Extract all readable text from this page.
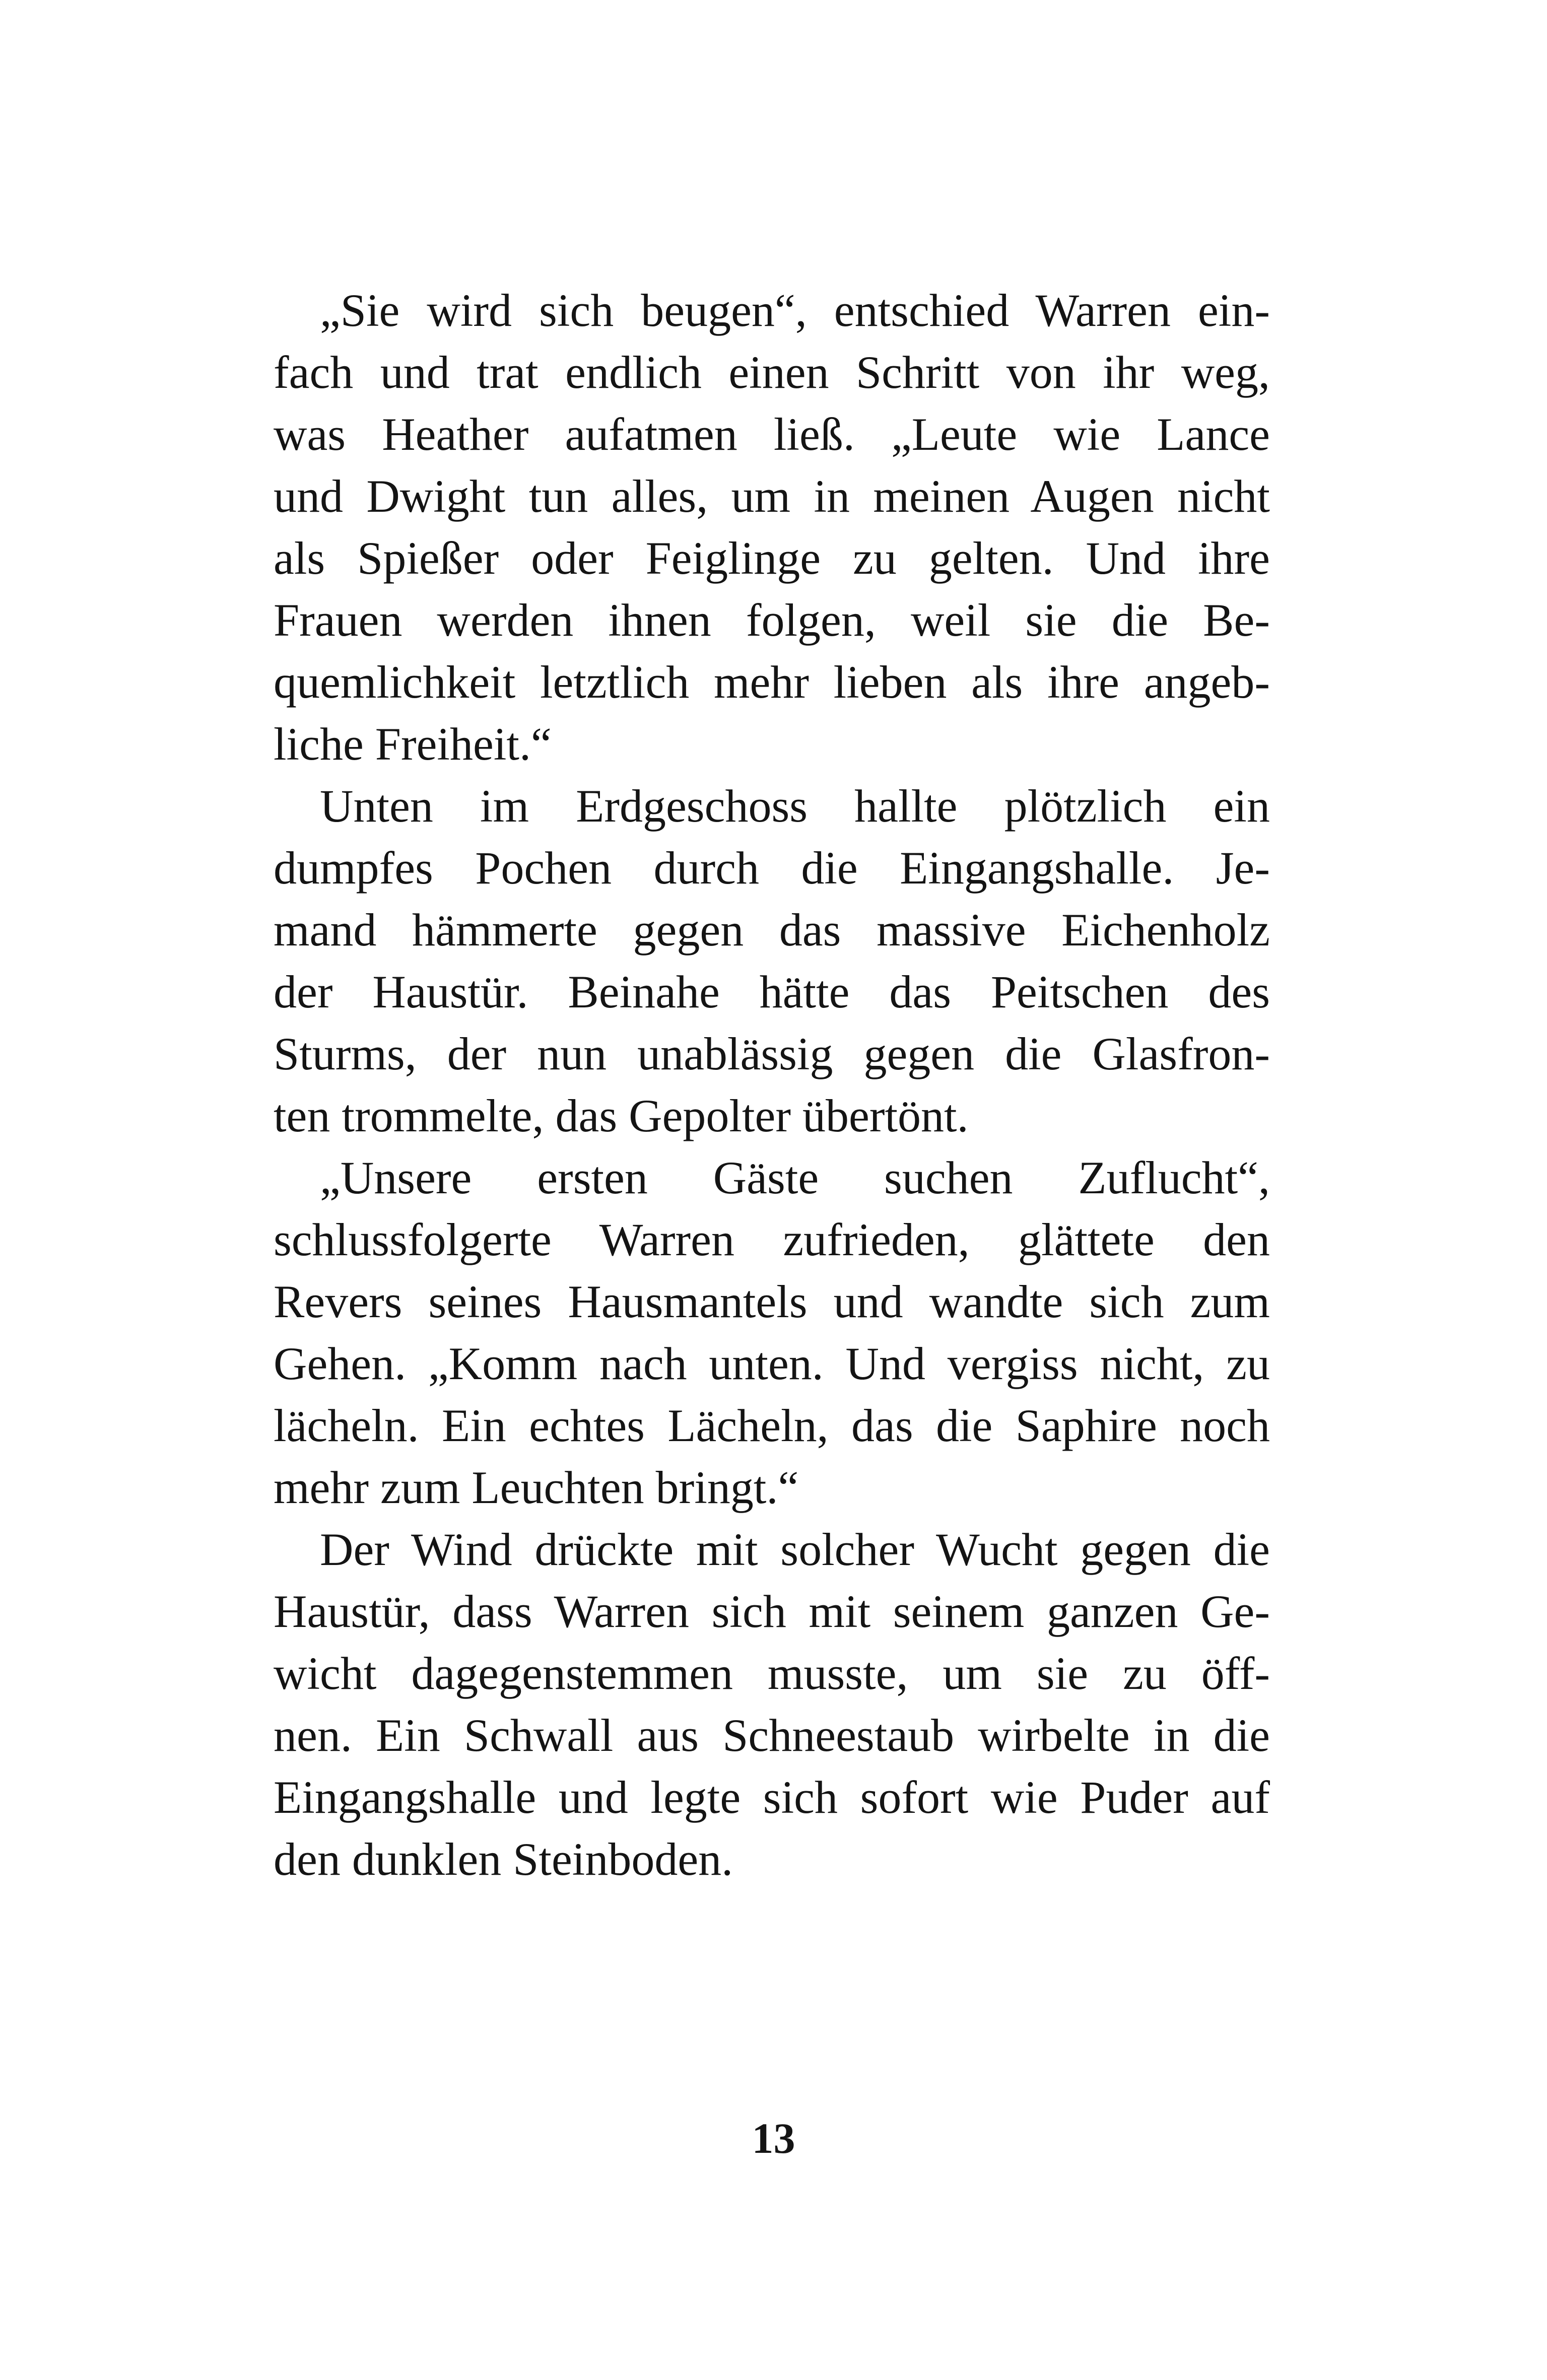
„Sie wird sich beugen“, entschied Warren ein-
fach und trat endlich einen Schritt von ihr weg,
was Heather aufatmen ließ. „Leute wie Lance
und Dwight tun alles, um in meinen Augen nicht
als Spießer oder Feiglinge zu gelten. Und ihre
Frauen werden ihnen folgen, weil sie die Be-
quemlichkeit letztlich mehr lieben als ihre angeb-
liche Freiheit.“
Unten im Erdgeschoss hallte plötzlich ein
dumpfes Pochen durch die Eingangshalle. Je-
mand hämmerte gegen das massive Eichenholz
der Haustür. Beinahe hätte das Peitschen des
Sturms, der nun unablässig gegen die Glasfron-
ten trommelte, das Gepolter übertönt.
„Unsere ersten Gäste suchen Zuflucht“,
schlussfolgerte Warren zufrieden, glättete den
Revers seines Hausmantels und wandte sich zum
Gehen. „Komm nach unten. Und vergiss nicht, zu
lächeln. Ein echtes Lächeln, das die Saphire noch
mehr zum Leuchten bringt.“
Der Wind drückte mit solcher Wucht gegen die
Haustür, dass Warren sich mit seinem ganzen Ge-
wicht dagegenstemmen musste, um sie zu öff-
nen. Ein Schwall aus Schneestaub wirbelte in die
Eingangshalle und legte sich sofort wie Puder auf
den dunklen Steinboden.
13
